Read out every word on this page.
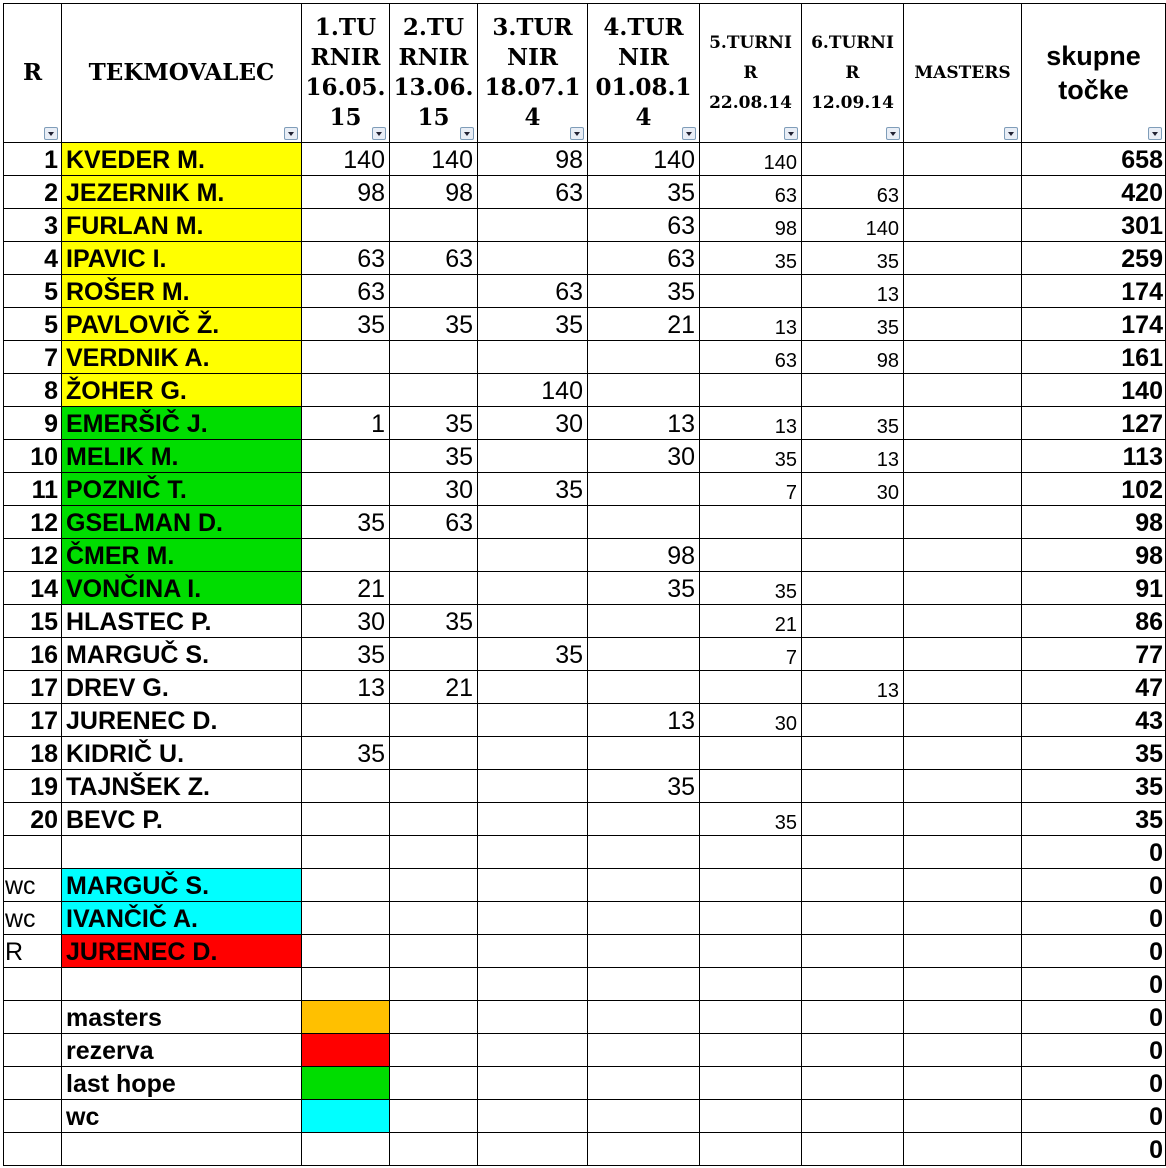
R	TEKMOVALEC	1.TU
RNIR
16.05.
15	2.TU
RNIR
13.06.
15	3.TUR
NIR
18.07.1
4	4.TUR
NIR
01.08.1
4	5.TURNI
R
22.08.14	6.TURNI
R
12.09.14	MASTERS	skupne
točke

1	KVEDER M.	140	140	98	140	140			658
2	JEZERNIK M.	98	98	63	35	63	63		420
3	FURLAN M.				63	98	140		301
4	IPAVIC I.	63	63		63	35	35		259
5	ROŠER M.	63		63	35		13		174
5	PAVLOVIČ Ž.	35	35	35	21	13	35		174
7	VERDNIK A.					63	98		161
8	ŽOHER G.			140					140
9	EMERŠIČ J.	1	35	30	13	13	35		127
10	MELIK M.		35		30	35	13		113
11	POZNIČ T.		30	35		7	30		102
12	GSELMAN D.	35	63						98
12	ČMER M.				98				98
14	VONČINA I.	21			35	35			91
15	HLASTEC P.	30	35			21			86
16	MARGUČ S.	35		35		7			77
17	DREV G.	13	21				13		47
17	JURENEC D.				13	30			43
18	KIDRIČ U.	35							35
19	TAJNŠEK Z.				35				35
20	BEVC P.					35			35
									0
wc	MARGUČ S.								0
wc	IVANČIČ A.								0
R	JURENEC D.								0
									0
	masters								0
	rezerva								0
	last hope								0
	wc								0
									0
